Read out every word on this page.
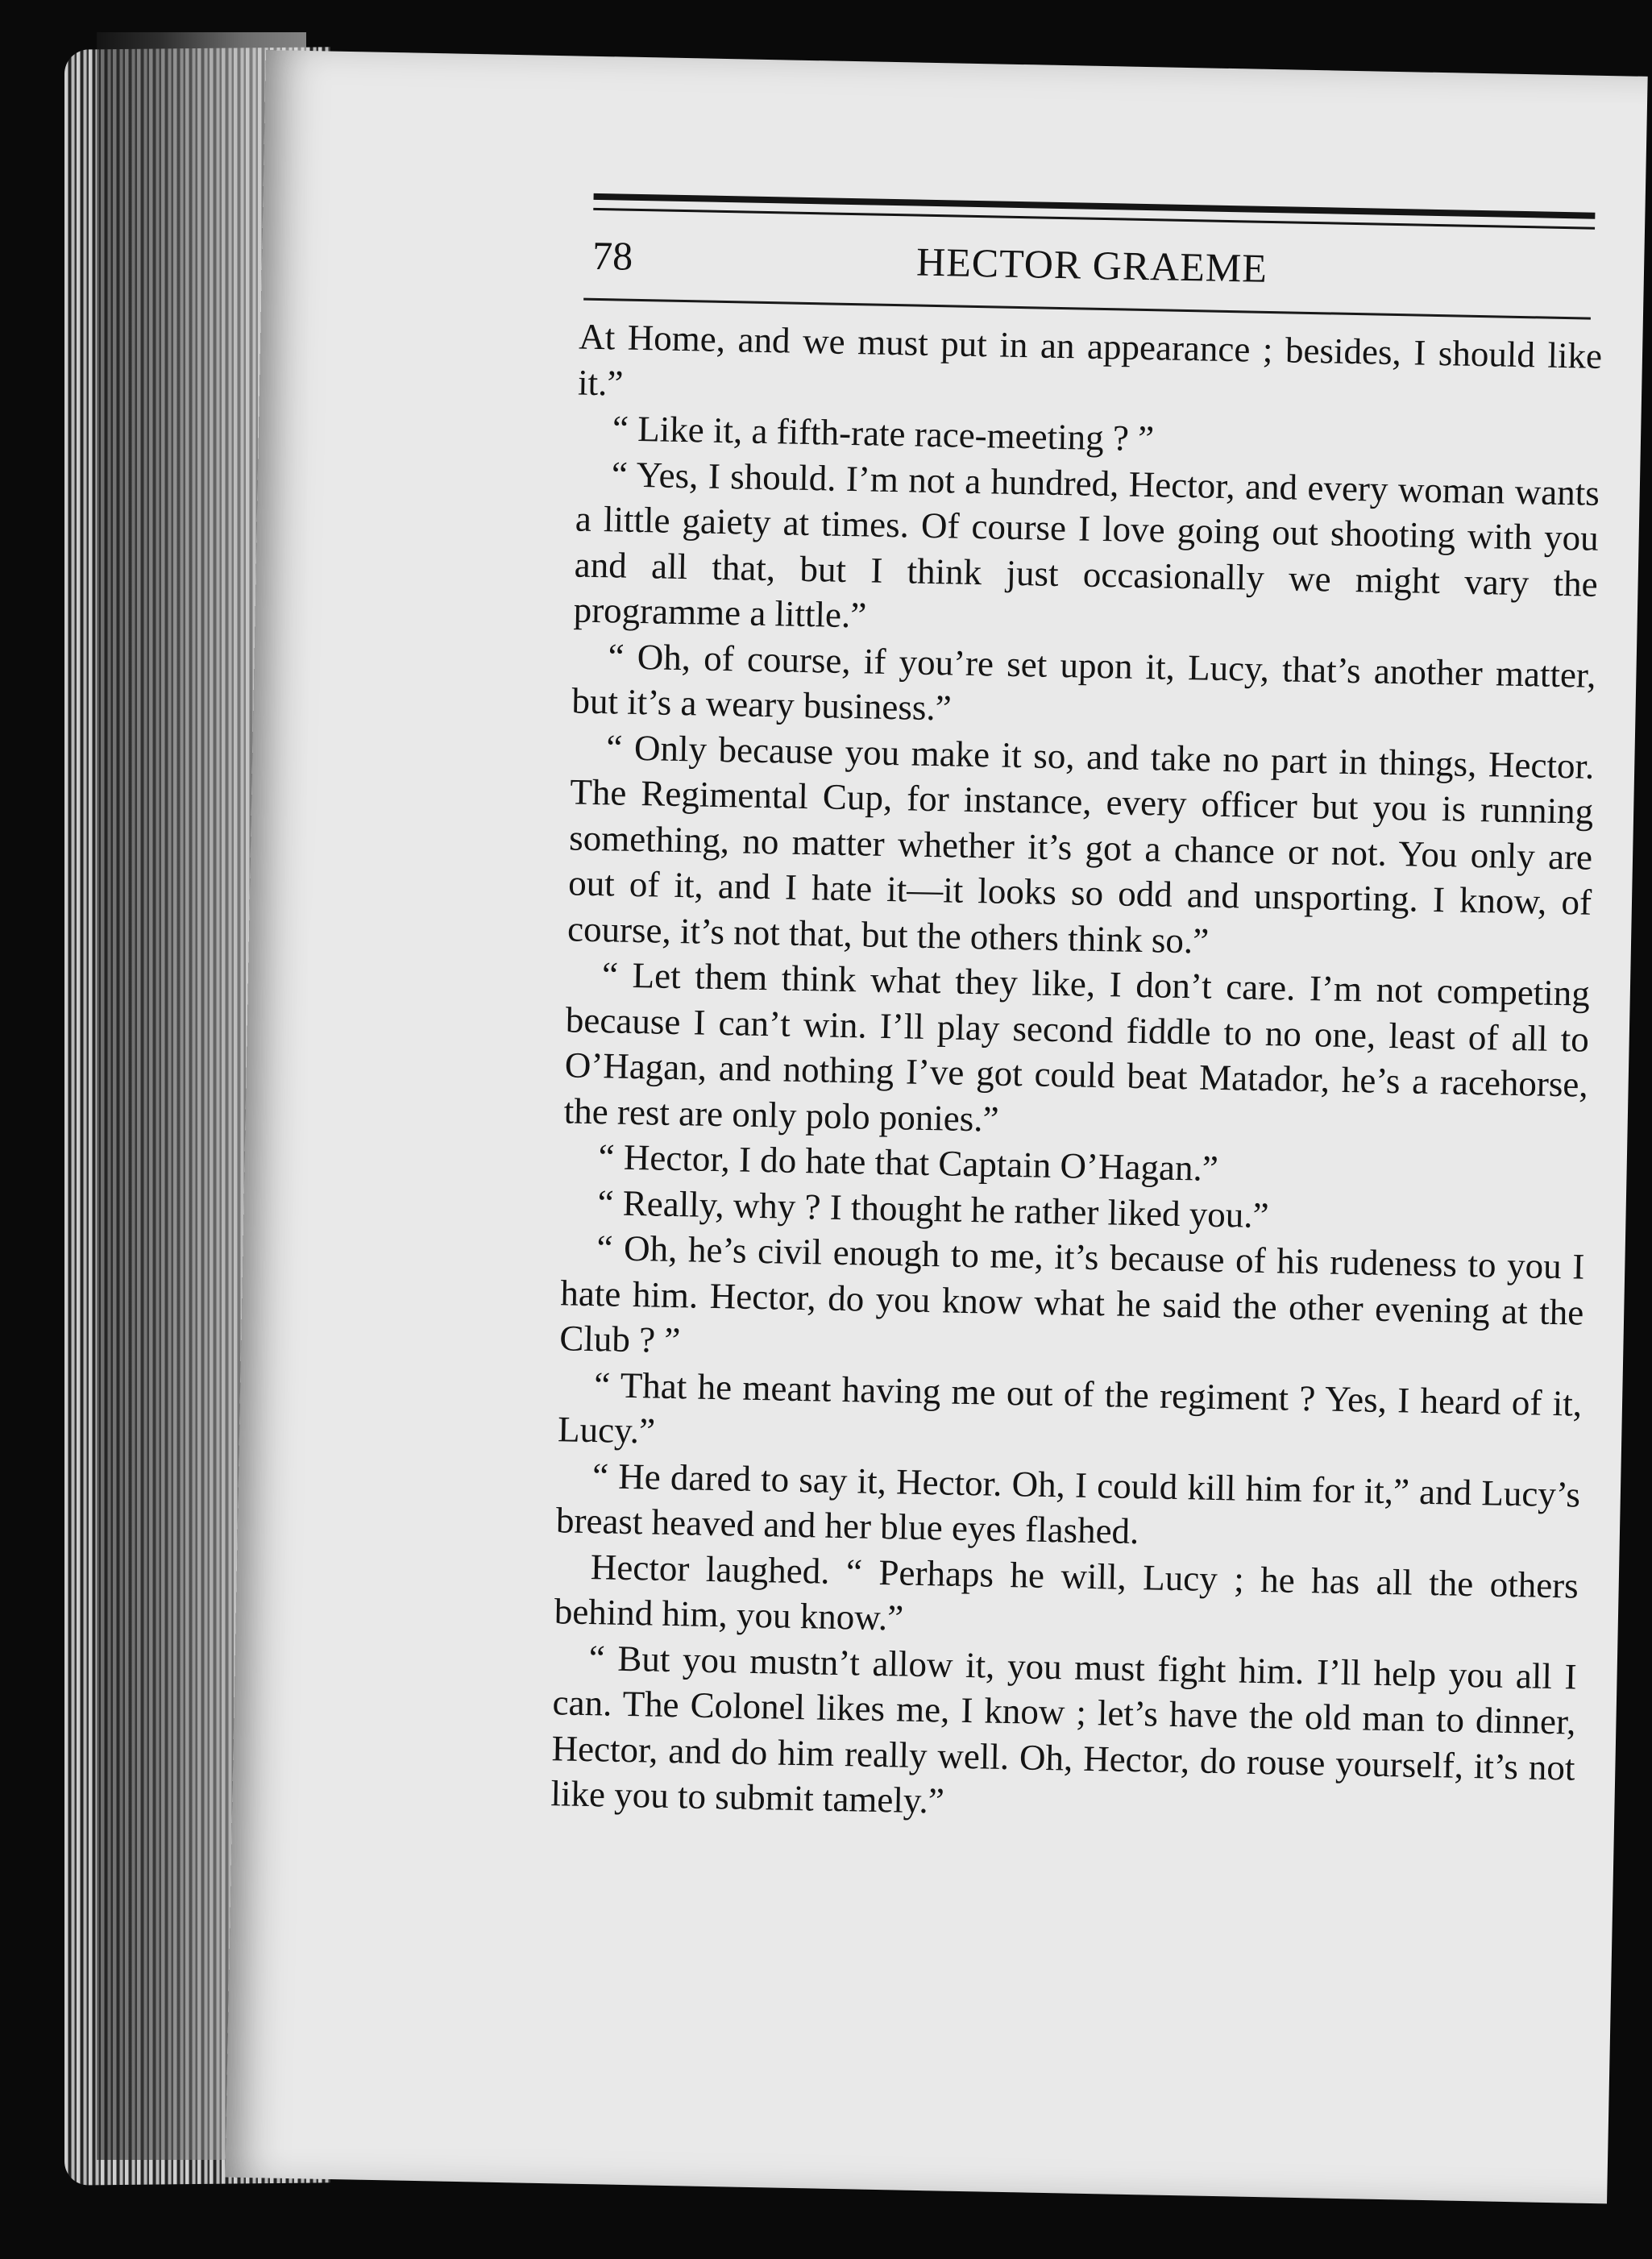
78	HECTOR GRAEME

At Home, and we must put in an appearance ; besides, I should like it.”

“ Like it, a fifth-rate race-meeting ? ”

“ Yes, I should. I’m not a hundred, Hector, and every woman wants a little gaiety at times. Of course I love going out shooting with you and all that, but I think just occasionally we might vary the programme a little.”

“ Oh, of course, if you’re set upon it, Lucy, that’s another matter, but it’s a weary business.”

“ Only because you make it so, and take no part in things, Hector. The Regimental Cup, for instance, every officer but you is running something, no matter whether it’s got a chance or not. You only are out of it, and I hate it—it looks so odd and unsporting. I know, of course, it’s not that, but the others think so.”

“ Let them think what they like, I don’t care. I’m not competing because I can’t win. I’ll play second fiddle to no one, least of all to O’Hagan, and nothing I’ve got could beat Matador, he’s a racehorse, the rest are only polo ponies.”

“ Hector, I do hate that Captain O’Hagan.”

“ Really, why ? I thought he rather liked you.”

“ Oh, he’s civil enough to me, it’s because of his rudeness to you I hate him. Hector, do you know what he said the other evening at the Club ? ”

“ That he meant having me out of the regiment ? Yes, I heard of it, Lucy.”

“ He dared to say it, Hector. Oh, I could kill him for it,” and Lucy’s breast heaved and her blue eyes flashed.

Hector laughed. “ Perhaps he will, Lucy ; he has all the others behind him, you know.”

“ But you mustn’t allow it, you must fight him. I’ll help you all I can. The Colonel likes me, I know ; let’s have the old man to dinner, Hector, and do him really well. Oh, Hector, do rouse yourself, it’s not like you to submit tamely.”
